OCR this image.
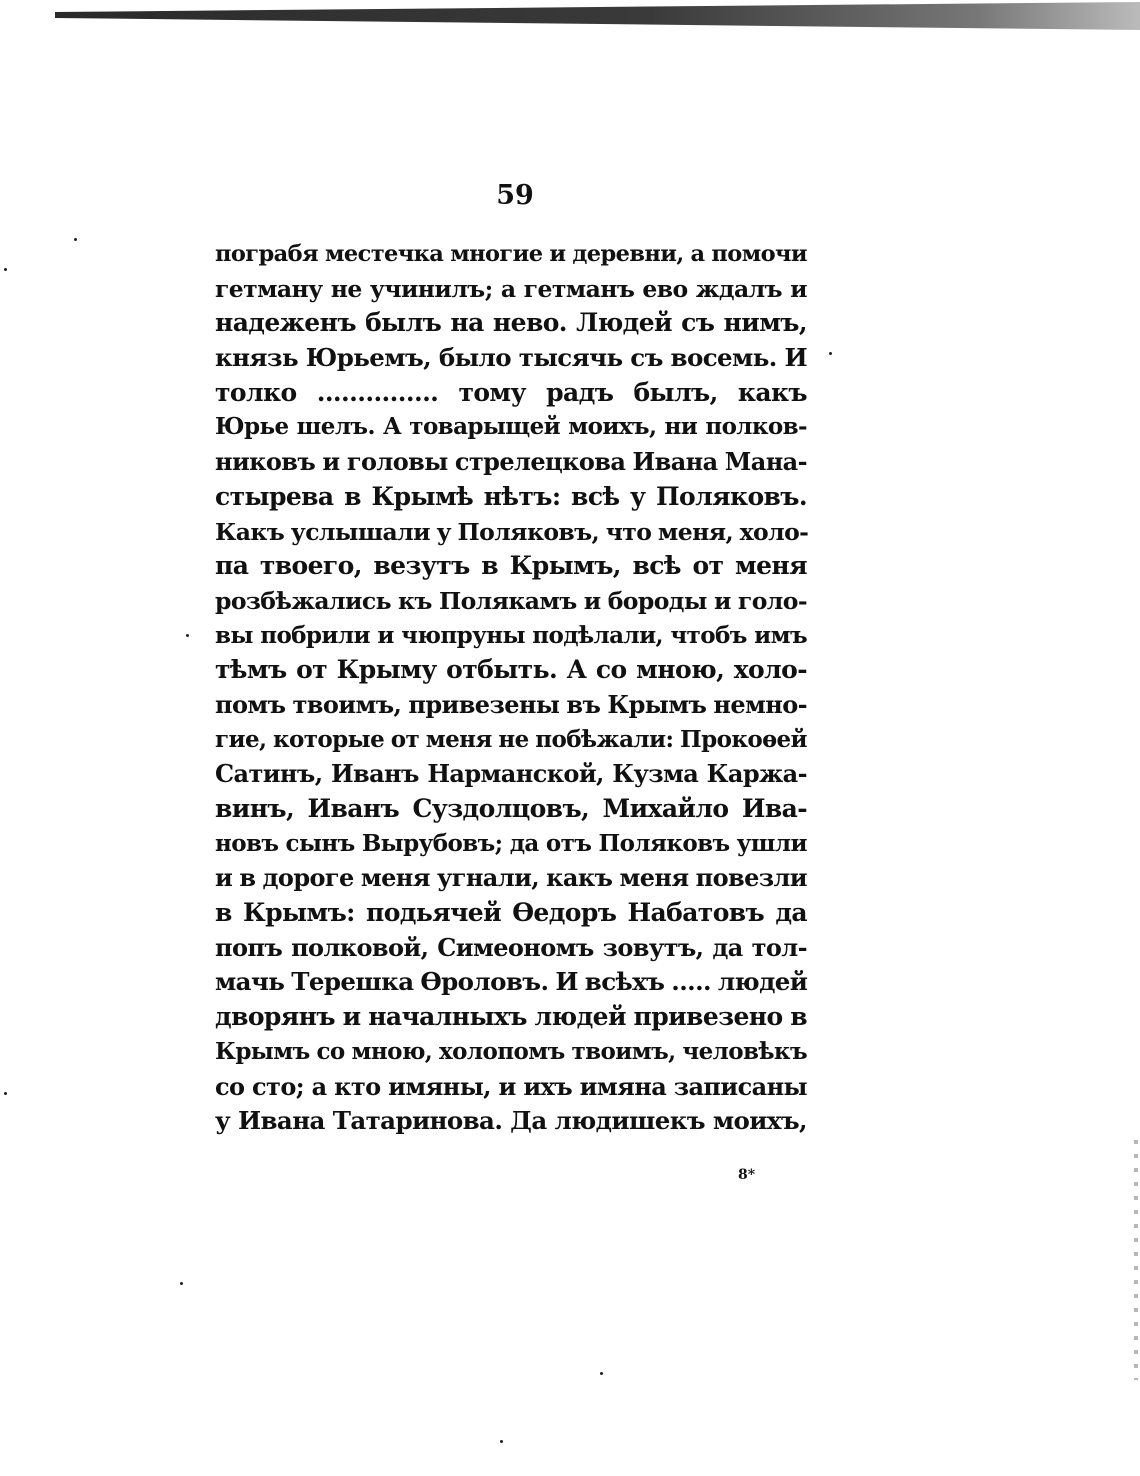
59
пограбя местечка многие и деревни, а помочи
гетману не учинилъ; а гетманъ ево ждалъ и
надеженъ былъ на нево. Людей съ нимъ,
князь Юрьемъ, было тысячь съ восемь. И
толко ............... тому радъ былъ, какъ
Юрье шелъ. А товарыщей моихъ, ни полков-
никовъ и головы стрелецкова Ивана Мана-
стырева в Крымѣ нѣтъ: всѣ у Поляковъ.
Какъ услышали у Поляковъ, что меня, холо-
па твоего, везутъ в Крымъ, всѣ от меня
розбѣжались къ Полякамъ и бороды и голо-
вы побрили и чюпруны подѣлали, чтобъ имъ
тѣмъ от Крыму отбыть. А со мною, холо-
помъ твоимъ, привезены въ Крымъ немно-
гие, которые от меня не побѣжали: Прокоѳей
Сатинъ, Иванъ Нарманской, Кузма Каржа-
винъ, Иванъ Суздолцовъ, Михайло Ива-
новъ сынъ Вырубовъ; да отъ Поляковъ ушли
и в дороге меня угнали, какъ меня повезли
в Крымъ: подьячей Ѳедоръ Набатовъ да
попъ полковой, Симеономъ зовутъ, да тол-
мачь Терешка Ѳроловъ. И всѣхъ ..... людей
дворянъ и началныхъ людей привезено в
Крымъ со мною, холопомъ твоимъ, человѣкъ
со сто; а кто имяны, и ихъ имяна записаны
у Ивана Татаринова. Да людишекъ моихъ,
8*
